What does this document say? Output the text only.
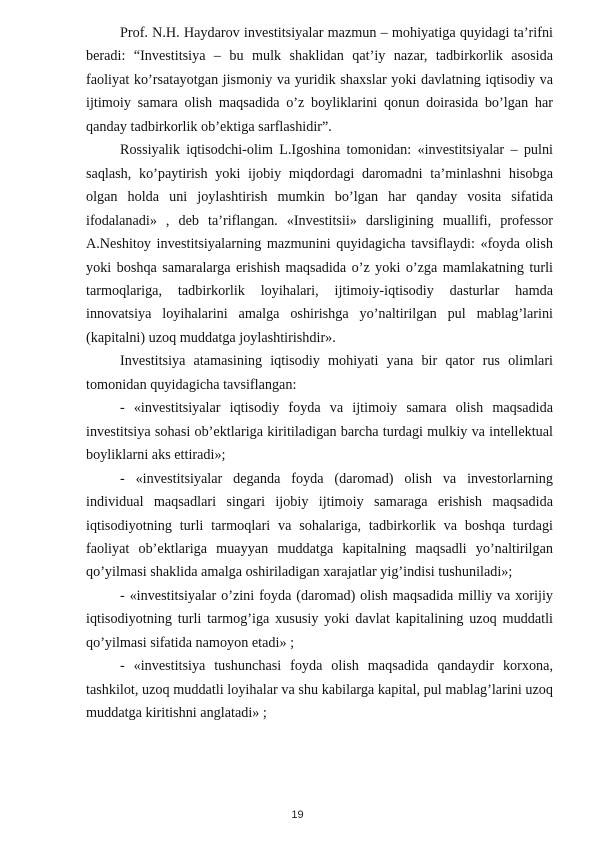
Prof. N.H. Haydarov investitsiyalar mazmun – mohiyatiga quyidagi ta’rifni beradi: “Investitsiya – bu mulk shaklidan qat’iy nazar, tadbirkorlik asosida faoliyat ko’rsatayotgan jismoniy va yuridik shaxslar yoki davlatning iqtisodiy va ijtimoiy samara olish maqsadida o’z boyliklarini qonun doirasida bo’lgan har qanday tadbirkorlik ob’ektiga sarflashidir”.

Rossiyalik iqtisodchi-olim L.Igoshina tomonidan: «investitsiyalar – pulni saqlash, ko’paytirish yoki ijobiy miqdordagi daromadni ta’minlashni hisobga olgan holda uni joylashtirish mumkin bo’lgan har qanday vosita sifatida ifodalanadi» , deb ta’riflangan. «Investitsii» darsligining muallifi, professor A.Neshitoy investitsiyalarning mazmunini quyidagicha tavsiflaydi: «foyda olish yoki boshqa samaralarga erishish maqsadida o’z yoki o’zga mamlakatning turli tarmoqlariga, tadbirkorlik loyihalari, ijtimoiy-iqtisodiy dasturlar hamda innovatsiya loyihalarini amalga oshirishga yo’naltirilgan pul mablag’larini (kapitalni) uzoq muddatga joylashtirishdir».

Investitsiya atamasining iqtisodiy mohiyati yana bir qator rus olimlari tomonidan quyidagicha tavsiflangan:

- «investitsiyalar iqtisodiy foyda va ijtimoiy samara olish maqsadida investitsiya sohasi ob’ektlariga kiritiladigan barcha turdagi mulkiy va intellektual boyliklarni aks ettiradi»;

- «investitsiyalar deganda foyda (daromad) olish va investorlarning individual maqsadlari singari ijobiy ijtimoiy samaraga erishish maqsadida iqtisodiyotning turli tarmoqlari va sohalariga, tadbirkorlik va boshqa turdagi faoliyat ob’ektlariga muayyan muddatga kapitalning maqsadli yo’naltirilgan qo’yilmasi shaklida amalga oshiriladigan xarajatlar yig’indisi tushuniladi»;

- «investitsiyalar o’zini foyda (daromad) olish maqsadida milliy va xorijiy iqtisodiyotning turli tarmog’iga xususiy yoki davlat kapitalining uzoq muddatli qo’yilmasi sifatida namoyon etadi» ;

- «investitsiya tushunchasi foyda olish maqsadida qandaydir korxona, tashkilot, uzoq muddatli loyihalar va shu kabilarga kapital, pul mablag’larini uzoq muddatga kiritishni anglatadi» ;

19
